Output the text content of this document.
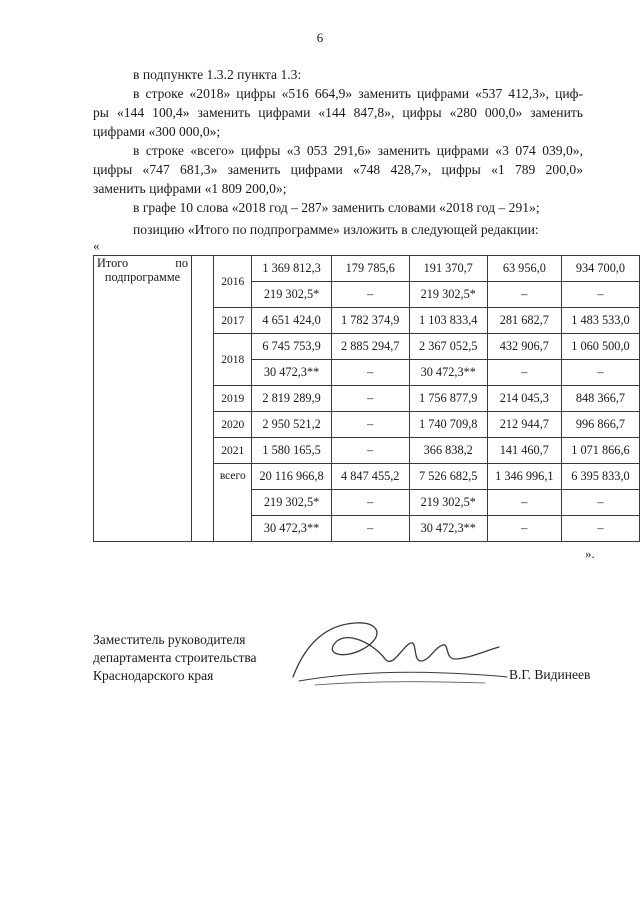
6
в подпункте 1.3.2 пункта 1.3:
в строке «2018» цифры «516 664,9» заменить цифрами «537 412,3», циф-
ры «144 100,4» заменить цифрами «144 847,8», цифры «280 000,0» заменить
цифрами «300 000,0»;
в строке «всего» цифры «3 053 291,6» заменить цифрами «3 074 039,0»,
цифры «747 681,3» заменить цифрами «748 428,7», цифры «1 789 200,0»
заменить цифрами «1 809 200,0»;
в графе 10 слова «2018 год – 287» заменить словами «2018 год – 291»;
позицию «Итого по подпрограмме» изложить в следующей редакции:
«
Итого по
подпрограмме		2016	1 369 812,3	179 785,6	191 370,7	63 956,0	934 700,0
			219 302,5*	–	219 302,5*	–	–
		2017	4 651 424,0	1 782 374,9	1 103 833,4	281 682,7	1 483 533,0
		2018	6 745 753,9	2 885 294,7	2 367 052,5	432 906,7	1 060 500,0
			30 472,3**	–	30 472,3**	–	–
		2019	2 819 289,9	–	1 756 877,9	214 045,3	848 366,7
		2020	2 950 521,2	–	1 740 709,8	212 944,7	996 866,7
		2021	1 580 165,5	–	366 838,2	141 460,7	1 071 866,6
		всего	20 116 966,8	4 847 455,2	7 526 682,5	1 346 996,1	6 395 833,0
			219 302,5*	–	219 302,5*	–	–
			30 472,3**	–	30 472,3**	–	–
».
Заместитель руководителя
департамента строительства
Краснодарского края	В.Г. Видинеев
